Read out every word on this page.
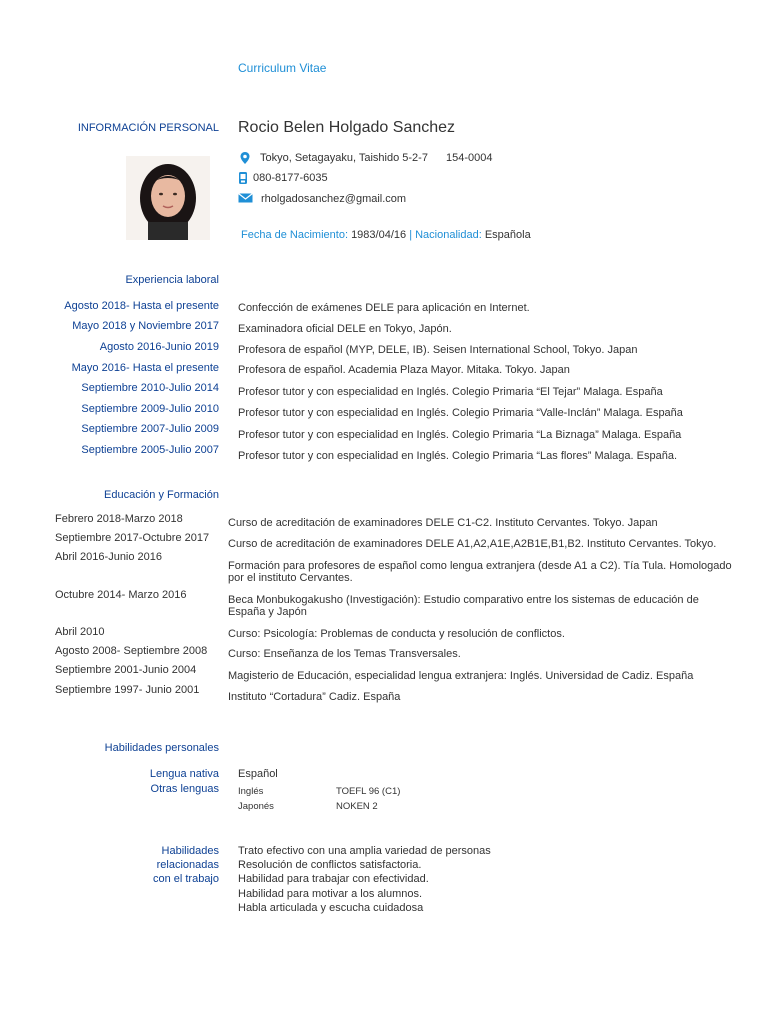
Curriculum Vitae
INFORMACIÓN PERSONAL Rocio Belen Holgado Sanchez
Tokyo, Setagayaku, Taishido 5-2-7 154-0004
080-8177-6035
rholgadosanchez@gmail.com
Fecha de Nacimiento: 1983/04/16 | Nacionalidad: Española
Experiencia laboral
Agosto 2018- Hasta el presente Confección de exámenes DELE para aplicación en Internet.
Mayo 2018 y Noviembre 2017 Examinadora oficial DELE en Tokyo, Japón.
Agosto 2016-Junio 2019 Profesora de español (MYP, DELE, IB). Seisen International School, Tokyo. Japan
Mayo 2016- Hasta el presente Profesora de español. Academia Plaza Mayor. Mitaka. Tokyo. Japan
Septiembre 2010-Julio 2014 Profesor tutor y con especialidad en Inglés. Colegio Primaria “El Tejar” Malaga. España
Septiembre 2009-Julio 2010 Profesor tutor y con especialidad en Inglés. Colegio Primaria “Valle-Inclán” Malaga. España
Septiembre 2007-Julio 2009 Profesor tutor y con especialidad en Inglés. Colegio Primaria “La Biznaga” Malaga. España
Septiembre 2005-Julio 2007 Profesor tutor y con especialidad en Inglés. Colegio Primaria “Las flores” Malaga. España.
Educación y Formación
Febrero 2018-Marzo 2018
Septiembre 2017-Octubre 2017
Abril 2016-Junio 2016
Octubre 2014- Marzo 2016
Abril 2010
Agosto 2008- Septiembre 2008
Septiembre 2001-Junio 2004
Septiembre 1997- Junio 2001
Curso de acreditación de examinadores DELE C1-C2. Instituto Cervantes. Tokyo. Japan
Curso de acreditación de examinadores DELE A1,A2,A1E,A2B1E,B1,B2. Instituto Cervantes. Tokyo.
Formación para profesores de español como lengua extranjera (desde A1 a C2). Tía Tula. Homologado por el instituto Cervantes.
Beca Monbukogakusho (Investigación): Estudio comparativo entre los sistemas de educación de España y Japón
Curso: Psicología: Problemas de conducta y resolución de conflictos.
Curso: Enseñanza de los Temas Transversales.
Magisterio de Educación, especialidad lengua extranjera: Inglés. Universidad de Cadiz. España
Instituto “Cortadura” Cadiz. España
Habilidades personales
Lengua nativa Español
Otras lenguas Inglés	TOEFL 96 (C1)
Japonés	NOKEN 2
Habilidades
relacionadas
con el trabajo
Trato efectivo con una amplia variedad de personas
Resolución de conflictos satisfactoria.
Habilidad para trabajar con efectividad.
Habilidad para motivar a los alumnos.
Habla articulada y escucha cuidadosa
